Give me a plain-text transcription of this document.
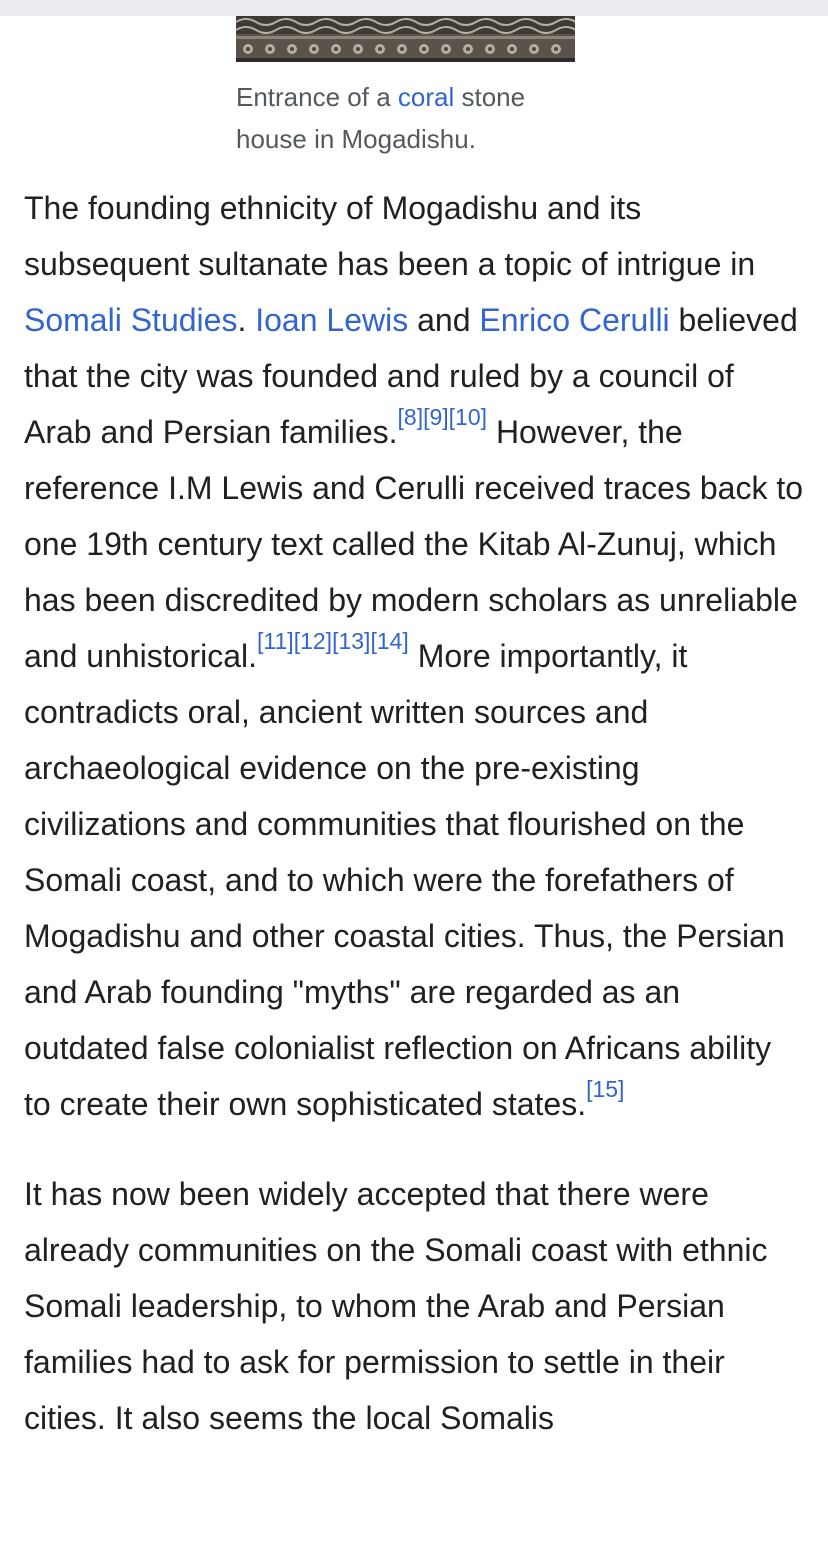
Entrance of a coral stone
house in Mogadishu.

The founding ethnicity of Mogadishu and its subsequent sultanate has been a topic of intrigue in Somali Studies. Ioan Lewis and Enrico Cerulli believed that the city was founded and ruled by a council of Arab and Persian families.[8][9][10] However, the reference I.M Lewis and Cerulli received traces back to one 19th century text called the Kitab Al-Zunuj, which has been discredited by modern scholars as unreliable and unhistorical.[11][12][13][14] More importantly, it contradicts oral, ancient written sources and archaeological evidence on the pre-existing civilizations and communities that flourished on the Somali coast, and to which were the forefathers of Mogadishu and other coastal cities. Thus, the Persian and Arab founding "myths" are regarded as an outdated false colonialist reflection on Africans ability to create their own sophisticated states.[15]

It has now been widely accepted that there were already communities on the Somali coast with ethnic Somali leadership, to whom the Arab and Persian families had to ask for permission to settle in their cities. It also seems the local Somalis
